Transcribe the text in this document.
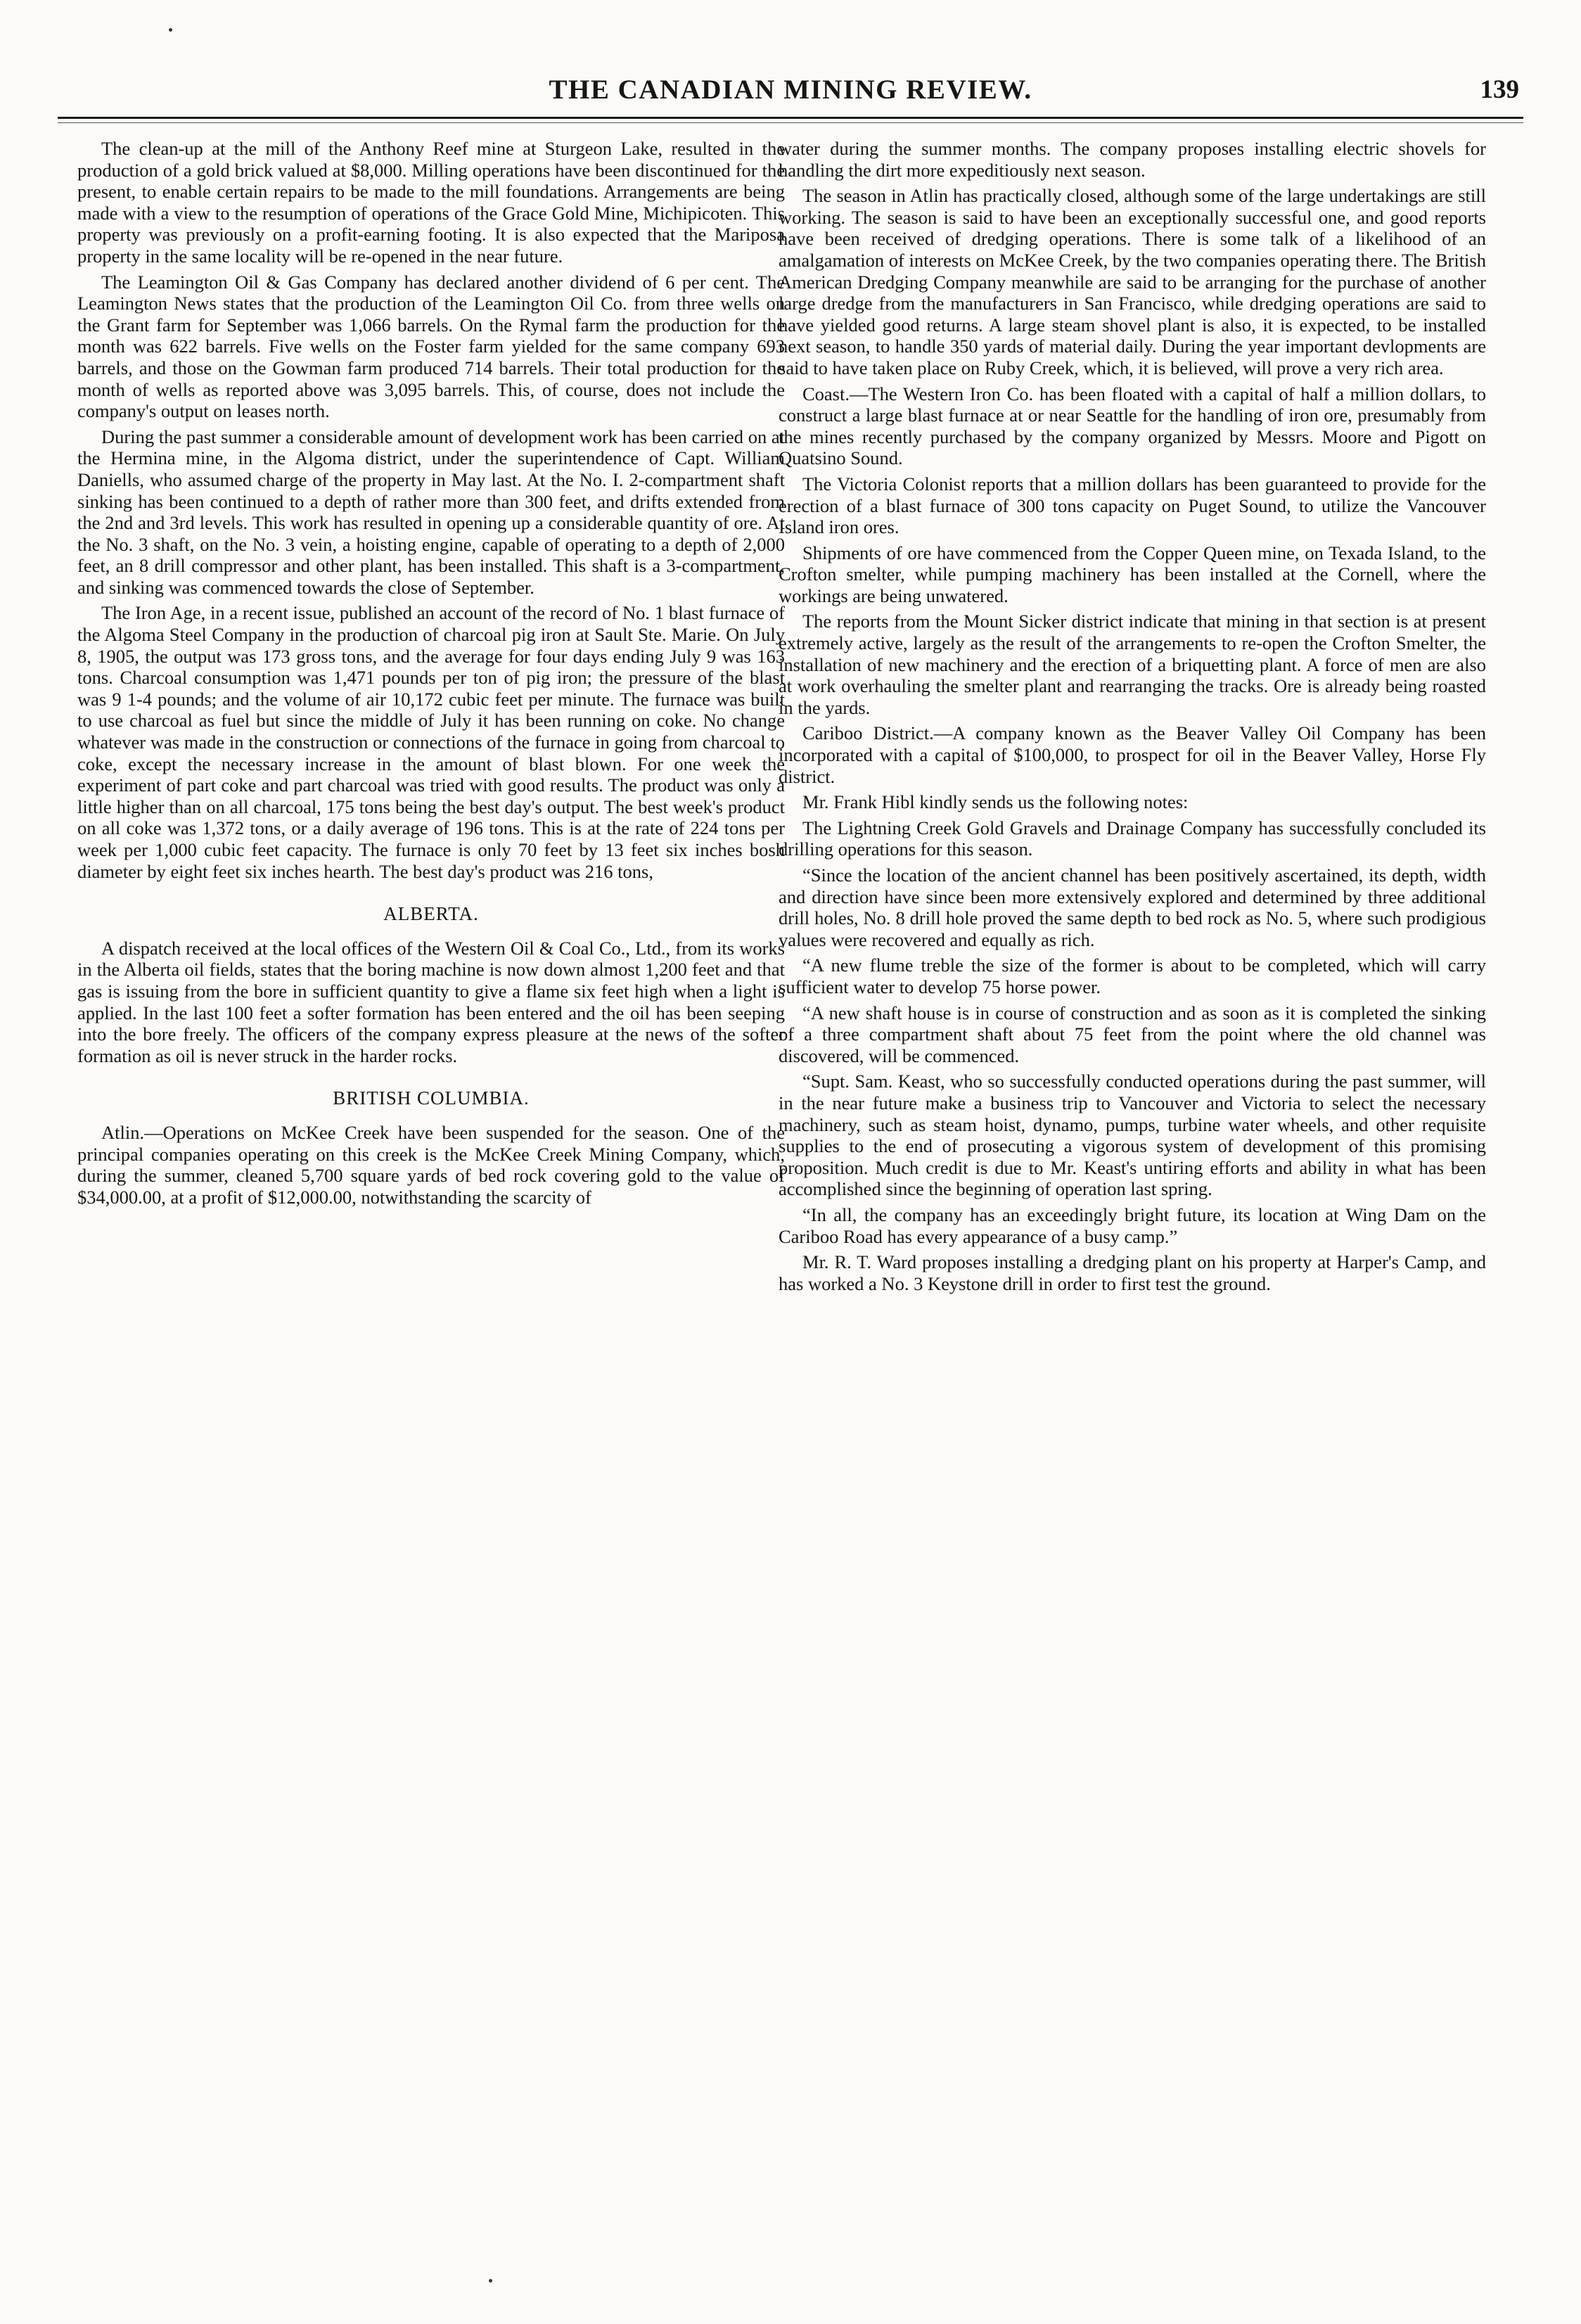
THE CANADIAN MINING REVIEW.	139

The clean-up at the mill of the Anthony Reef mine at Sturgeon Lake, resulted in the production of a gold brick valued at $8,000. Milling operations have been discontinued for the present, to enable certain repairs to be made to the mill foundations. Arrangements are being made with a view to the resumption of operations of the Grace Gold Mine, Michipicoten. This property was previously on a profit-earning footing. It is also expected that the Mariposa property in the same locality will be re-opened in the near future.

The Leamington Oil & Gas Company has declared another dividend of 6 per cent. The Leamington News states that the production of the Leamington Oil Co. from three wells on the Grant farm for September was 1,066 barrels. On the Rymal farm the production for the month was 622 barrels. Five wells on the Foster farm yielded for the same company 693 barrels, and those on the Gowman farm produced 714 barrels. Their total production for the month of wells as reported above was 3,095 barrels. This, of course, does not include the company's output on leases north.

During the past summer a considerable amount of development work has been carried on at the Hermina mine, in the Algoma district, under the superintendence of Capt. William Daniells, who assumed charge of the property in May last. At the No. I. 2-compartment shaft sinking has been continued to a depth of rather more than 300 feet, and drifts extended from the 2nd and 3rd levels. This work has resulted in opening up a considerable quantity of ore. At the No. 3 shaft, on the No. 3 vein, a hoisting engine, capable of operating to a depth of 2,000 feet, an 8 drill compressor and other plant, has been installed. This shaft is a 3-compartment, and sinking was commenced towards the close of September.

The Iron Age, in a recent issue, published an account of the record of No. 1 blast furnace of the Algoma Steel Company in the production of charcoal pig iron at Sault Ste. Marie. On July 8, 1905, the output was 173 gross tons, and the average for four days ending July 9 was 163 tons. Charcoal consumption was 1,471 pounds per ton of pig iron; the pressure of the blast was 9 1-4 pounds; and the volume of air 10,172 cubic feet per minute. The furnace was built to use charcoal as fuel but since the middle of July it has been running on coke. No change whatever was made in the construction or connections of the furnace in going from charcoal to coke, except the necessary increase in the amount of blast blown. For one week the experiment of part coke and part charcoal was tried with good results. The product was only a little higher than on all charcoal, 175 tons being the best day's output. The best week's product on all coke was 1,372 tons, or a daily average of 196 tons. This is at the rate of 224 tons per week per 1,000 cubic feet capacity. The furnace is only 70 feet by 13 feet six inches bosh diameter by eight feet six inches hearth. The best day's product was 216 tons,

ALBERTA.

A dispatch received at the local offices of the Western Oil & Coal Co., Ltd., from its works in the Alberta oil fields, states that the boring machine is now down almost 1,200 feet and that gas is issuing from the bore in sufficient quantity to give a flame six feet high when a light is applied. In the last 100 feet a softer formation has been entered and the oil has been seeping into the bore freely. The officers of the company express pleasure at the news of the softer formation as oil is never struck in the harder rocks.

BRITISH COLUMBIA.

Atlin.—Operations on McKee Creek have been suspended for the season. One of the principal companies operating on this creek is the McKee Creek Mining Company, which, during the summer, cleaned 5,700 square yards of bed rock covering gold to the value of $34,000.00, at a profit of $12,000.00, notwithstanding the scarcity of

water during the summer months. The company proposes installing electric shovels for handling the dirt more expeditiously next season.

The season in Atlin has practically closed, although some of the large undertakings are still working. The season is said to have been an exceptionally successful one, and good reports have been received of dredging operations. There is some talk of a likelihood of an amalgamation of interests on McKee Creek, by the two companies operating there. The British American Dredging Company meanwhile are said to be arranging for the purchase of another large dredge from the manufacturers in San Francisco, while dredging operations are said to have yielded good returns. A large steam shovel plant is also, it is expected, to be installed next season, to handle 350 yards of material daily. During the year important devlopments are said to have taken place on Ruby Creek, which, it is believed, will prove a very rich area.

Coast.—The Western Iron Co. has been floated with a capital of half a million dollars, to construct a large blast furnace at or near Seattle for the handling of iron ore, presumably from the mines recently purchased by the company organized by Messrs. Moore and Pigott on Quatsino Sound.

The Victoria Colonist reports that a million dollars has been guaranteed to provide for the erection of a blast furnace of 300 tons capacity on Puget Sound, to utilize the Vancouver Island iron ores.

Shipments of ore have commenced from the Copper Queen mine, on Texada Island, to the Crofton smelter, while pumping machinery has been installed at the Cornell, where the workings are being unwatered.

The reports from the Mount Sicker district indicate that mining in that section is at present extremely active, largely as the result of the arrangements to re-open the Crofton Smelter, the installation of new machinery and the erection of a briquetting plant. A force of men are also at work overhauling the smelter plant and rearranging the tracks. Ore is already being roasted in the yards.

Cariboo District.—A company known as the Beaver Valley Oil Company has been incorporated with a capital of $100,000, to prospect for oil in the Beaver Valley, Horse Fly district.

Mr. Frank Hibl kindly sends us the following notes:

The Lightning Creek Gold Gravels and Drainage Company has successfully concluded its drilling operations for this season.

“Since the location of the ancient channel has been positively ascertained, its depth, width and direction have since been more extensively explored and determined by three additional drill holes, No. 8 drill hole proved the same depth to bed rock as No. 5, where such prodigious values were recovered and equally as rich.

“A new flume treble the size of the former is about to be completed, which will carry sufficient water to develop 75 horse power.

“A new shaft house is in course of construction and as soon as it is completed the sinking of a three compartment shaft about 75 feet from the point where the old channel was discovered, will be commenced.

“Supt. Sam. Keast, who so successfully conducted operations during the past summer, will in the near future make a business trip to Vancouver and Victoria to select the necessary machinery, such as steam hoist, dynamo, pumps, turbine water wheels, and other requisite supplies to the end of prosecuting a vigorous system of development of this promising proposition. Much credit is due to Mr. Keast's untiring efforts and ability in what has been accomplished since the beginning of operation last spring.

“In all, the company has an exceedingly bright future, its location at Wing Dam on the Cariboo Road has every appearance of a busy camp.”

Mr. R. T. Ward proposes installing a dredging plant on his property at Harper's Camp, and has worked a No. 3 Keystone drill in order to first test the ground.
